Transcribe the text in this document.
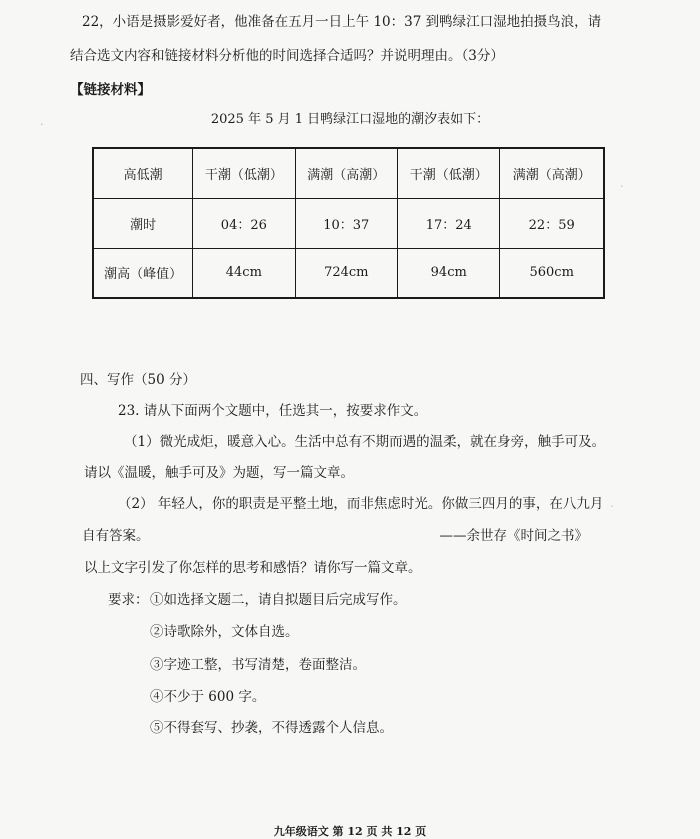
22，小语是摄影爱好者，他准备在五月一日上午 10：37 到鸭绿江口湿地拍摄鸟浪，请
结合选文内容和链接材料分析他的时间选择合适吗？并说明理由。（3分）
【链接材料】
2025 年 5 月 1 日鸭绿江口湿地的潮汐表如下：
高低潮	干潮（低潮）	满潮（高潮）	干潮（低潮）	满潮（高潮）
潮时	04：26	10：37	17：24	22：59
潮高（峰值）	44cm	724cm	94cm	560cm
四、写作（50 分）
23. 请从下面两个文题中，任选其一，按要求作文。
（1）微光成炬，暖意入心。生活中总有不期而遇的温柔，就在身旁，触手可及。
请以《温暖，触手可及》为题，写一篇文章。
（2） 年轻人，你的职责是平整土地，而非焦虑时光。你做三四月的事，在八九月
自有答案。	——余世存《时间之书》
以上文字引发了你怎样的思考和感悟？请你写一篇文章。
要求： ①如选择文题二，请自拟题目后完成写作。
②诗歌除外，文体自选。
③字迹工整，书写清楚，卷面整洁。
④不少于 600 字。
⑤不得套写、抄袭，不得透露个人信息。
九年级语文 第 12 页 共 12 页
·
·
·
